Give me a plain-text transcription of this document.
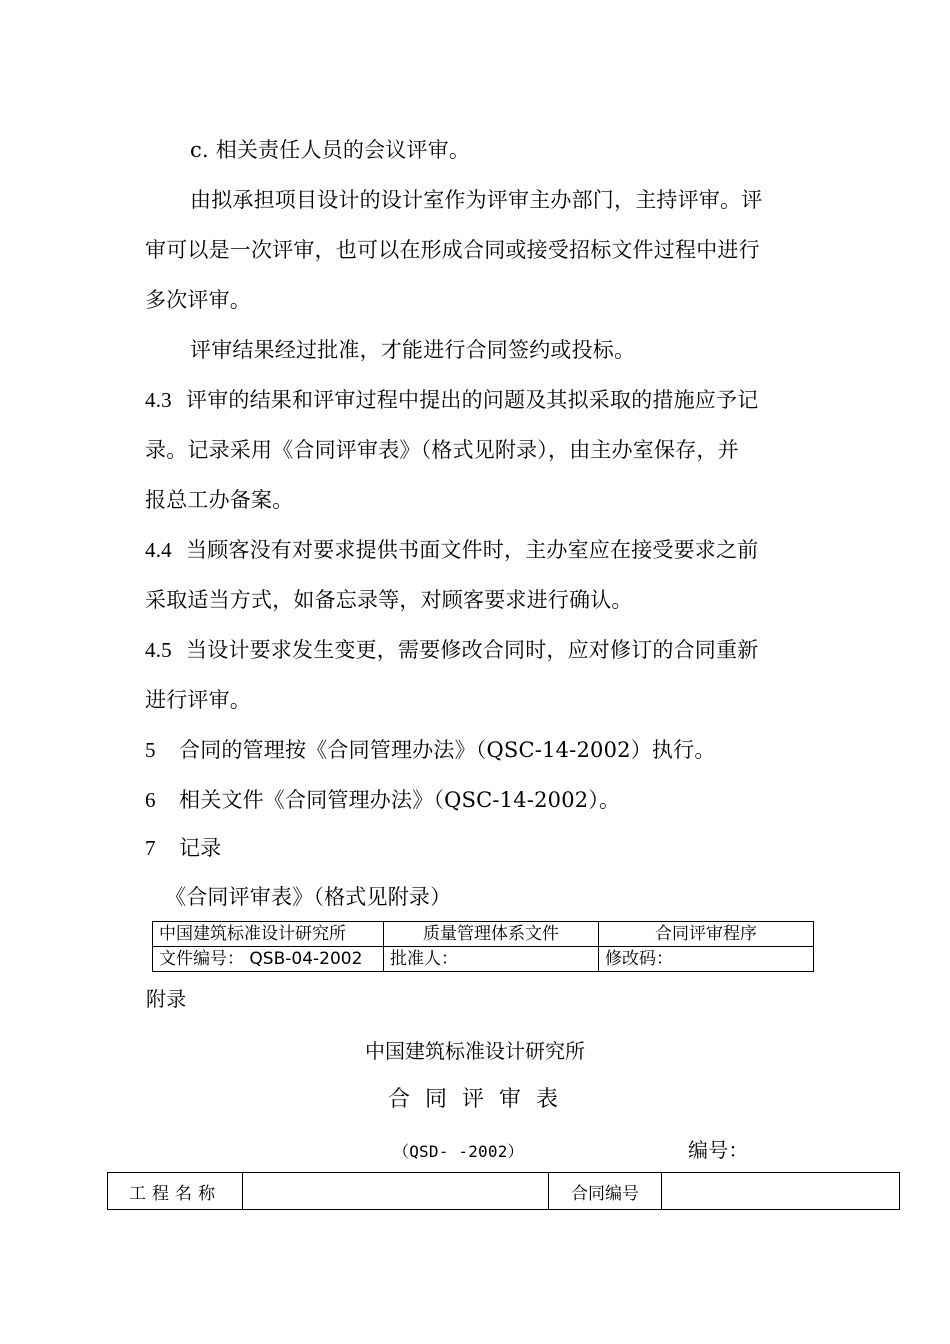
c. 相关责任人员的会议评审。
由拟承担项目设计的设计室作为评审主办部门，主持评审。评
审可以是一次评审，也可以在形成合同或接受招标文件过程中进行
多次评审。
评审结果经过批准，才能进行合同签约或投标。
4.3 评审的结果和评审过程中提出的问题及其拟采取的措施应予记
录。记录采用《合同评审表》（格式见附录），由主办室保存，并
报总工办备案。
4.4 当顾客没有对要求提供书面文件时，主办室应在接受要求之前
采取适当方式，如备忘录等，对顾客要求进行确认。
4.5 当设计要求发生变更，需要修改合同时，应对修订的合同重新
进行评审。
5 合同的管理按《合同管理办法》（QSC-14-2002）执行。
6 相关文件《合同管理办法》（QSC-14-2002）。
7 记录
《合同评审表》（格式见附录）
中国建筑标准设计研究所	质量管理体系文件	合同评审程序
文件编号： QSB-04-2002	批准人：	修改码：
附录
中国建筑标准设计研究所
合 同 评 审 表
（QSD- -2002）	编号：
工程名称		合同编号	
